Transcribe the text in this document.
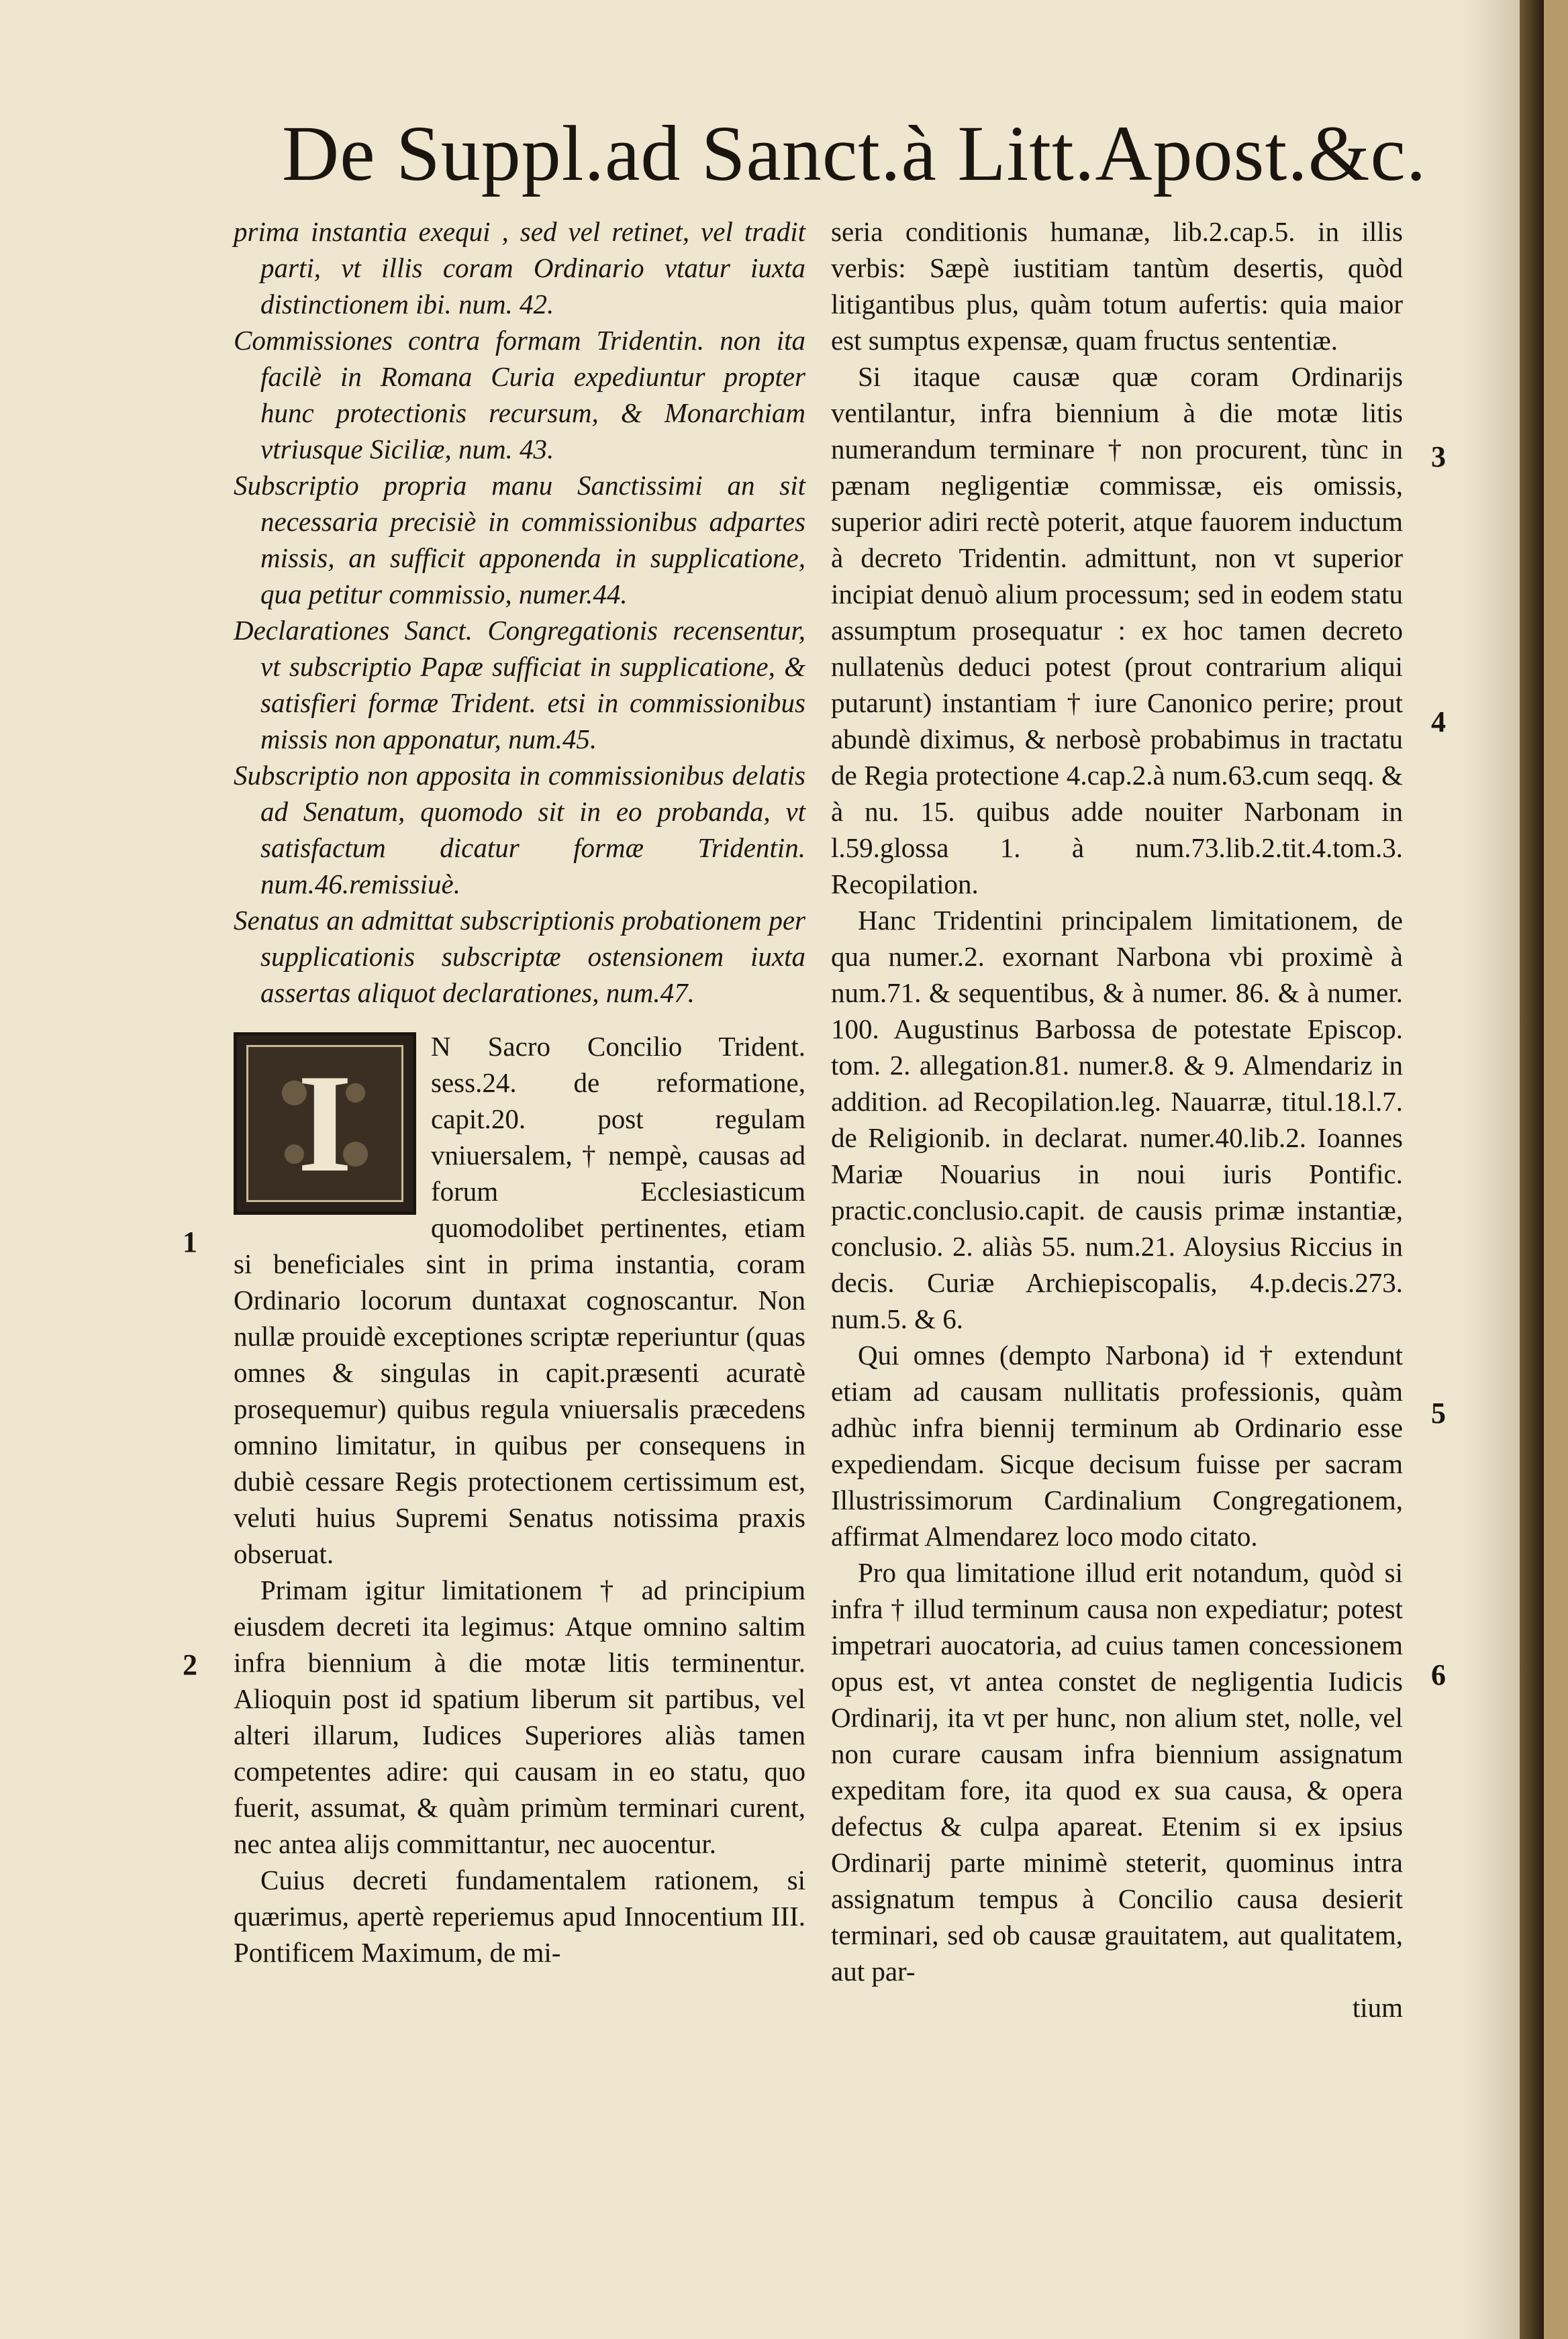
De Suppl.ad Sanct.à Litt.Apost.&c.

prima instantia exequi , sed vel retinet, vel tradit parti, vt illis coram Ordinario vtatur iuxta distinctionem ibi. num. 42.

Commissiones contra formam Tridentin. non ita facilè in Romana Curia expediuntur propter hunc protectionis recursum, & Monarchiam vtriusque Siciliæ, num. 43.

Subscriptio propria manu Sanctissimi an sit necessaria precisiè in commissionibus adpartes missis, an sufficit apponenda in supplicatione, qua petitur commissio, numer.44.

Declarationes Sanct. Congregationis recensentur, vt subscriptio Papæ sufficiat in supplicatione, & satisfieri formæ Trident. etsi in commissionibus missis non apponatur, num.45.

Subscriptio non apposita in commissionibus delatis ad Senatum, quomodo sit in eo probanda, vt satisfactum dicatur formæ Tridentin. num.46.remissiuè.

Senatus an admittat subscriptionis probationem per supplicationis subscriptæ ostensionem iuxta assertas aliquot declarationes, num.47.

I	N Sacro Concilio Trident. sess.24. de reformatione, capit.20. post regulam vniuersalem, † nempè, causas ad forum Ecclesiasticum quomodolibet pertinentes, etiam si beneficiales sint in prima instantia, coram Ordinario locorum duntaxat cognoscantur. Non nullæ prouidè exceptiones scriptæ reperiuntur (quas omnes & singulas in capit.præsenti acuratè prosequemur) quibus regula vniuersalis præcedens omnino limitatur, in quibus per consequens in dubiè cessare Regis protectionem certissimum est, veluti huius Supremi Senatus notissima praxis obseruat.

Primam igitur limitationem † ad principium eiusdem decreti ita legimus: Atque omnino saltim infra biennium à die motæ litis terminentur. Alioquin post id spatium liberum sit partibus, vel alteri illarum, Iudices Superiores aliàs tamen competentes adire: qui causam in eo statu, quo fuerit, assumat, & quàm primùm terminari curent, nec antea alijs committantur, nec auocentur.

Cuius decreti fundamentalem rationem, si quærimus, apertè reperiemus apud Innocentium III. Pontificem Maximum, de mi-

seria conditionis humanæ, lib.2.cap.5. in illis verbis: Sæpè iustitiam tantùm desertis, quòd litigantibus plus, quàm totum aufertis: quia maior est sumptus expensæ, quam fructus sententiæ.

Si itaque causæ quæ coram Ordinarijs ventilantur, infra biennium à die motæ litis numerandum terminare † non procurent, tùnc in pænam negligentiæ commissæ, eis omissis, superior adiri rectè poterit, atque fauorem inductum à decreto Tridentin. admittunt, non vt superior incipiat denuò alium processum; sed in eodem statu assumptum prosequatur : ex hoc tamen decreto nullatenùs deduci potest (prout contrarium aliqui putarunt) instantiam † iure Canonico perire; prout abundè diximus, & nerbosè probabimus in tractatu de Regia protectione 4.cap.2.à num.63.cum seqq. & à nu. 15. quibus adde nouiter Narbonam in l.59.glossa 1. à num.73.lib.2.tit.4.tom.3. Recopilation.

Hanc Tridentini principalem limitationem, de qua numer.2. exornant Narbona vbi proximè à num.71. & sequentibus, & à numer. 86. & à numer. 100. Augustinus Barbossa de potestate Episcop. tom. 2. allegation.81. numer.8. & 9. Almendariz in addition. ad Recopilation.leg. Nauarræ, titul.18.l.7. de Religionib. in declarat. numer.40.lib.2. Ioannes Mariæ Nouarius in noui iuris Pontific. practic.conclusio.capit. de causis primæ instantiæ, conclusio. 2. aliàs 55. num.21. Aloysius Riccius in decis. Curiæ Archiepiscopalis, 4.p.decis.273. num.5. & 6.

Qui omnes (dempto Narbona) id † extendunt etiam ad causam nullitatis professionis, quàm adhùc infra biennij terminum ab Ordinario esse expediendam. Sicque decisum fuisse per sacram Illustrissimorum Cardinalium Congregationem, affirmat Almendarez loco modo citato.

Pro qua limitatione illud erit notandum, quòd si infra † illud terminum causa non expediatur; potest impetrari auocatoria, ad cuius tamen concessionem opus est, vt antea constet de negligentia Iudicis Ordinarij, ita vt per hunc, non alium stet, nolle, vel non curare causam infra biennium assignatum expeditam fore, ita quod ex sua causa, & opera defectus & culpa apareat. Etenim si ex ipsius Ordinarij parte minimè steterit, quominus intra assignatum tempus à Concilio causa desierit terminari, sed ob causæ grauitatem, aut qualitatem, aut par-

tium

1
2
3
4
5
6
